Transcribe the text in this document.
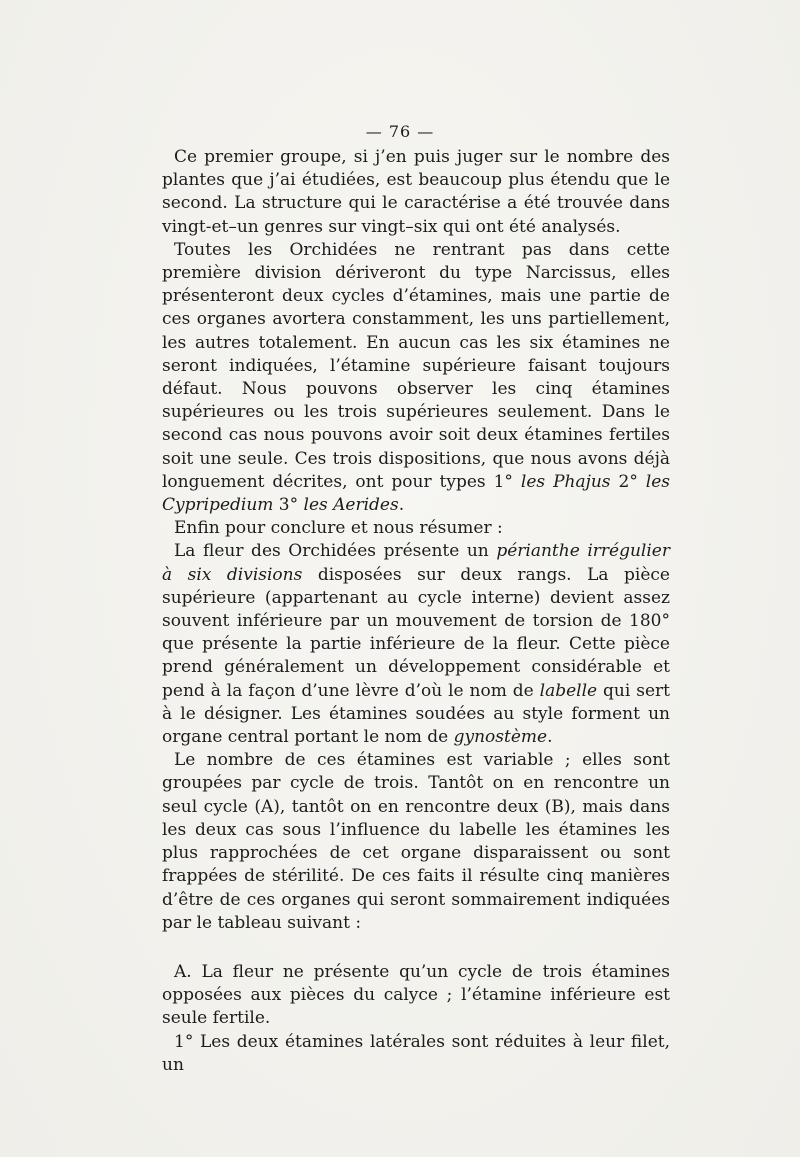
— 76 —

Ce premier groupe, si j’en puis juger sur le nombre des plantes que j’ai étudiées, est beaucoup plus étendu que le second. La structure qui le caractérise a été trouvée dans vingt-et–un genres sur vingt–six qui ont été analysés.

Toutes les Orchidées ne rentrant pas dans cette première division dériveront du type Narcissus, elles présenteront deux cycles d’étamines, mais une partie de ces organes avortera constamment, les uns partiellement, les autres totalement. En aucun cas les six étamines ne seront indiquées, l’étamine supérieure faisant toujours défaut. Nous pouvons observer les cinq étamines supérieures ou les trois supérieures seulement. Dans le second cas nous pouvons avoir soit deux étamines fertiles soit une seule. Ces trois dispositions, que nous avons déjà longuement décrites, ont pour types 1° les Phajus 2° les Cypripedium 3° les Aerides.

Enfin pour conclure et nous résumer :

La fleur des Orchidées présente un périanthe irrégulier à six divisions disposées sur deux rangs. La pièce supérieure (appartenant au cycle interne) devient assez souvent inférieure par un mouvement de torsion de 180° que présente la partie inférieure de la fleur. Cette pièce prend généralement un développement considérable et pend à la façon d’une lèvre d’où le nom de labelle qui sert à le désigner. Les étamines soudées au style forment un organe central portant le nom de gynostème.

Le nombre de ces étamines est variable ; elles sont groupées par cycle de trois. Tantôt on en rencontre un seul cycle (A), tantôt on en rencontre deux (B), mais dans les deux cas sous l’influence du labelle les étamines les plus rapprochées de cet organe disparaissent ou sont frappées de stérilité. De ces faits il résulte cinq manières d’être de ces organes qui seront sommairement indiquées par le tableau suivant :

A. La fleur ne présente qu’un cycle de trois étamines opposées aux pièces du calyce ; l’étamine inférieure est seule fertile.

1° Les deux étamines latérales sont réduites à leur filet, un
